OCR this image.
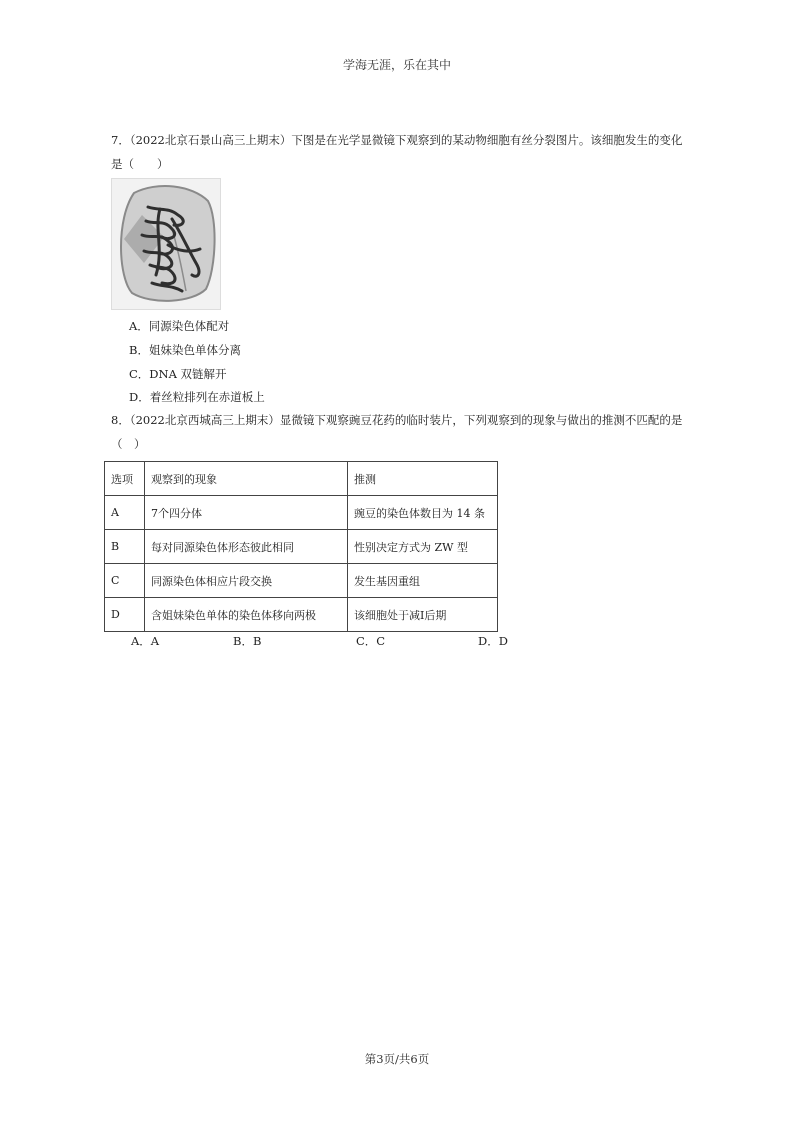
学海无涯，乐在其中
7．（2022北京石景山高三上期末）下图是在光学显微镜下观察到的某动物细胞有丝分裂图片。该细胞发生的变化是（　　）
A．同源染色体配对
B．姐妹染色单体分离
C．DNA 双链解开
D．着丝粒排列在赤道板上
8．（2022北京西城高三上期末）显微镜下观察豌豆花药的临时装片，下列观察到的现象与做出的推测不匹配的是（　）
选项	观察到的现象	推测
A	7个四分体	豌豆的染色体数目为 14 条
B	每对同源染色体形态彼此相同	性别决定方式为 ZW 型
C	同源染色体相应片段交换	发生基因重组
D	含姐妹染色单体的染色体移向两极	该细胞处于减I后期
A．A	B．B	C．C	D．D
第3页/共6页
